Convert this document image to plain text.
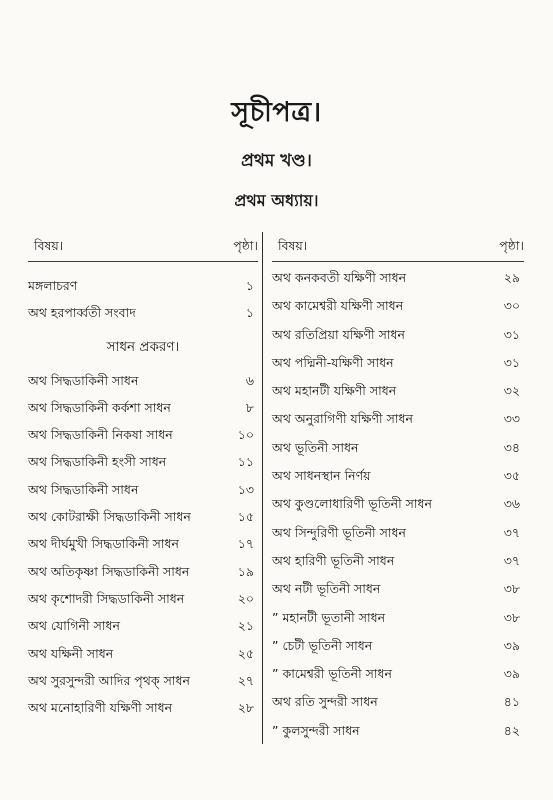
সূচীপত্র।
প্রথম খণ্ড।
প্রথম অধ্যায়।
বিষয়।	পৃষ্ঠা।
মঙ্গলাচরণ	১
অথ হরপার্ব্বতী সংবাদ	১
সাধন প্রকরণ।
অথ সিদ্ধডাকিনী সাধন	৬
অথ সিদ্ধডাকিনী কর্কশা সাধন	৮
অথ সিদ্ধডাকিনী নিকষা সাধন	১০
অথ সিদ্ধডাকিনী হংসী সাধন	১১
অথ সিদ্ধডাকিনী সাধন	১৩
অথ কোটরাক্ষী সিদ্ধডাকিনী সাধন	১৫
অথ দীর্ঘমুখী সিদ্ধডাকিনী সাধন	১৭
অথ অতিকৃষ্ণা সিদ্ধডাকিনী সাধন	১৯
অথ কৃশোদরী সিদ্ধডাকিনী সাধন	২০
অথ যোগিনী সাধন	২১
অথ যক্ষিনী সাধন	২৫
অথ সুরসুন্দরী আদির পৃথক্ সাধন	২৭
অথ মনোহারিণী যক্ষিণী সাধন	২৮
বিষয়।	পৃষ্ঠা।
অথ কনকবতী যক্ষিণী সাধন	২৯
অথ কামেশ্বরী যক্ষিণী সাধন	৩০
অথ রতিপ্রিয়া যক্ষিণী সাধন	৩১
অথ পদ্মিনী-যক্ষিণী সাধন	৩১
অথ মহানটী যক্ষিণী সাধন	৩২
অথ অনুরাগিণী যক্ষিণী সাধন	৩৩
অথ ভূতিনী সাধন	৩৪
অথ সাধনস্থান নির্ণয়	৩৫
অথ কুণ্ডলোধারিণী ভূতিনী সাধন	৩৬
অথ সিন্দুরিণী ভূতিনী সাধন	৩৭
অথ হারিণী ভূতিনী সাধন	৩৭
অথ নটী ভূতিনী সাধন	৩৮
” মহানটী ভূতানী সাধন	৩৮
” চেটী ভূতিনী সাধন	৩৯
” কামেশ্বরী ভূতিনী সাধন	৩৯
অথ রতি সুন্দরী সাধন	৪১
” কুলসুন্দরী সাধন	৪২
